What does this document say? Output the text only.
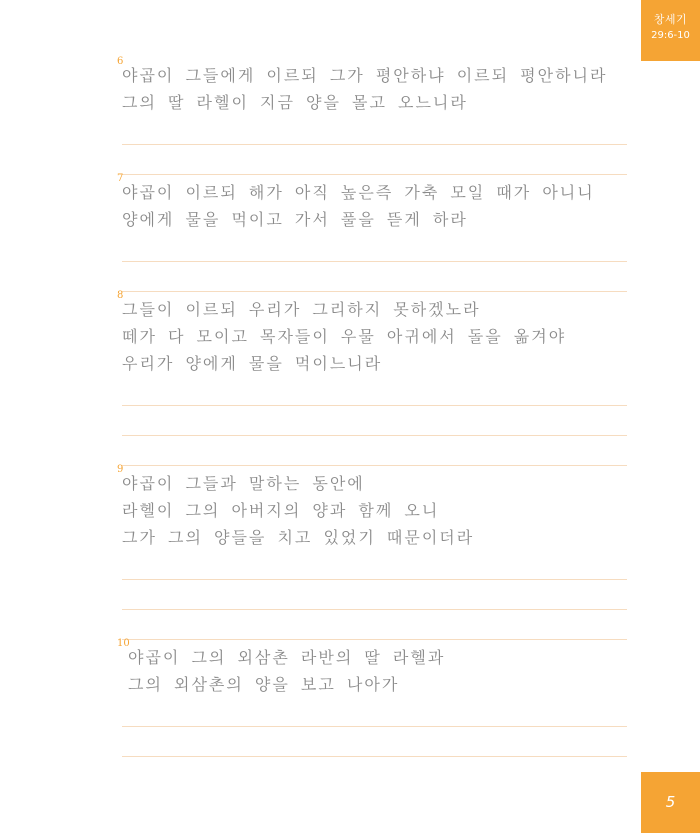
창세기
29:6-10
6
야곱이 그들에게 이르되 그가 평안하냐 이르되 평안하니라
그의 딸 라헬이 지금 양을 몰고 오느니라
7
야곱이 이르되 해가 아직 높은즉 가축 모일 때가 아니니
양에게 물을 먹이고 가서 풀을 뜯게 하라
8
그들이 이르되 우리가 그리하지 못하겠노라
떼가 다 모이고 목자들이 우물 아귀에서 돌을 옮겨야
우리가 양에게 물을 먹이느니라
9
야곱이 그들과 말하는 동안에
라헬이 그의 아버지의 양과 함께 오니
그가 그의 양들을 치고 있었기 때문이더라
10
야곱이 그의 외삼촌 라반의 딸 라헬과
그의 외삼촌의 양을 보고 나아가
5
